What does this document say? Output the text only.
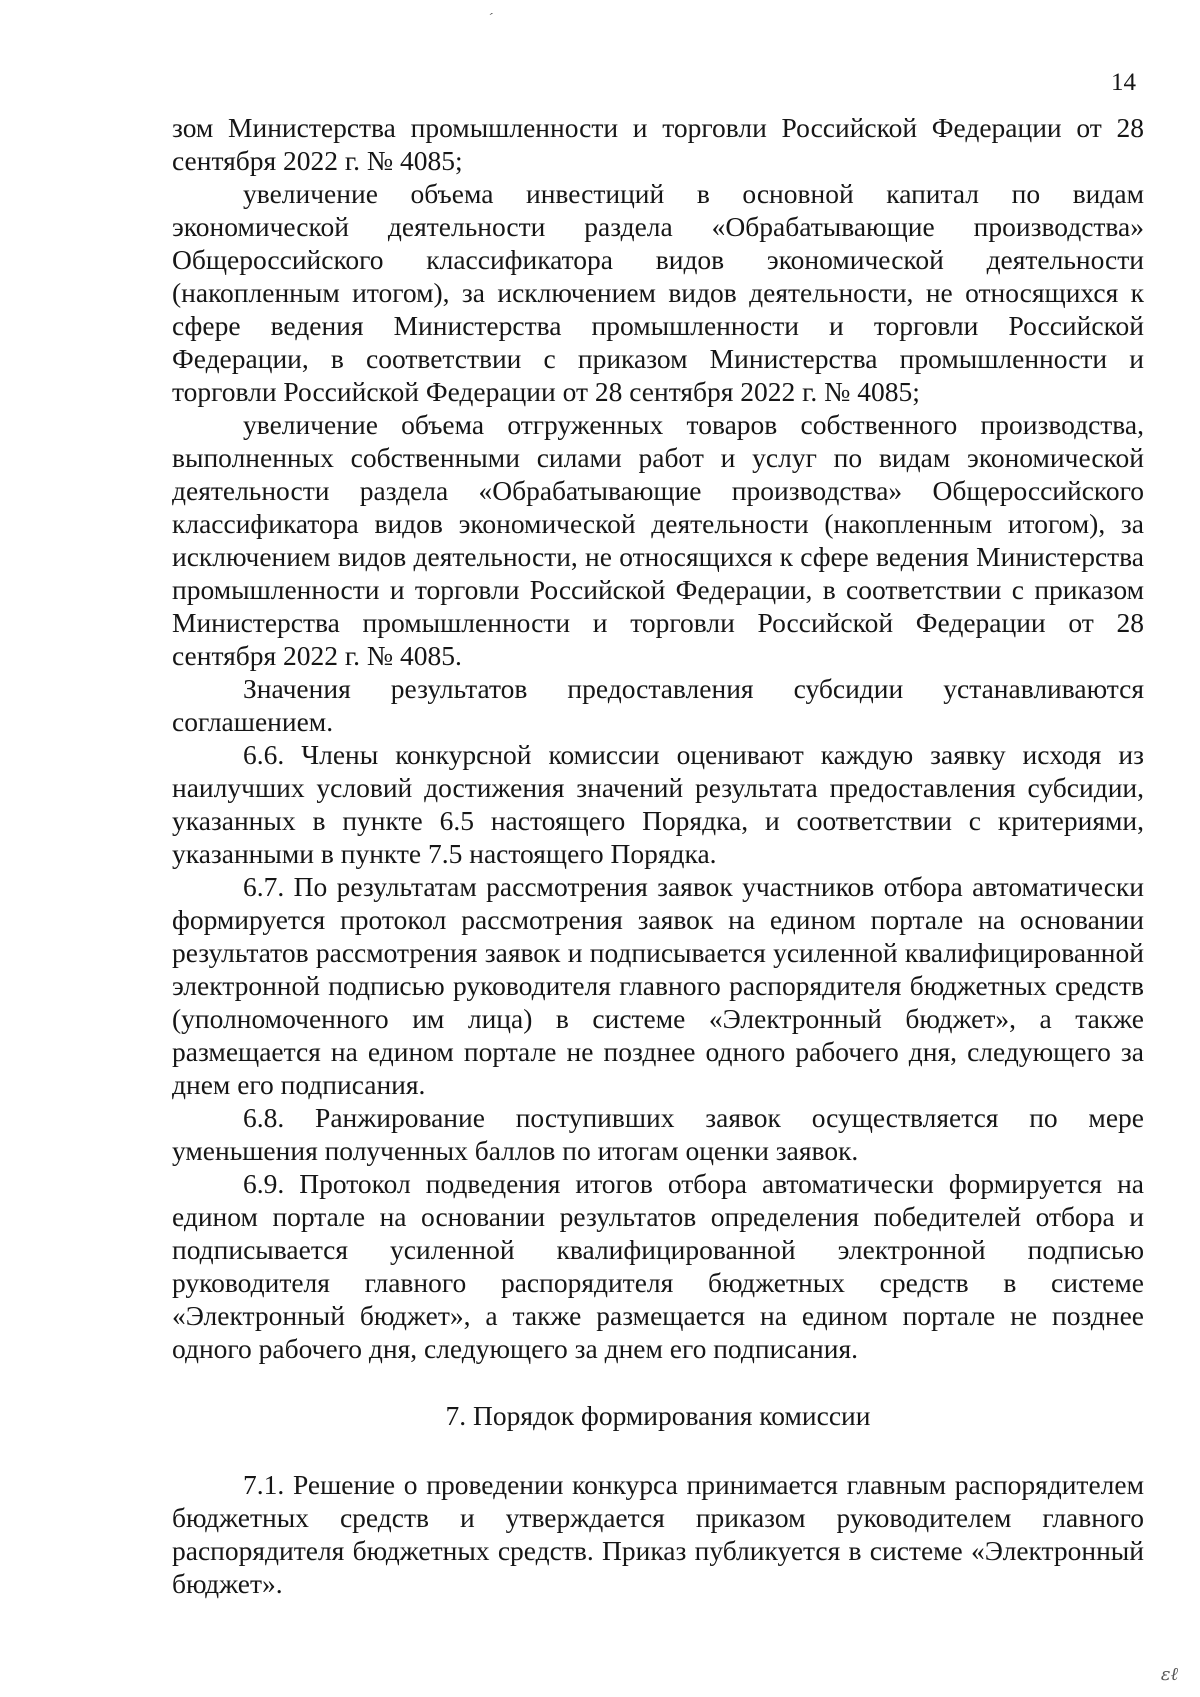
ˏ
14

зом Министерства промышленности и торговли Российской Федерации от 28 сентября 2022 г. № 4085;

увеличение объема инвестиций в основной капитал по видам экономической деятельности раздела «Обрабатывающие производства» Общероссийского классификатора видов экономической деятельности (накопленным итогом), за исключением видов деятельности, не относящихся к сфере ведения Министерства промышленности и торговли Российской Федерации, в соответствии с приказом Министерства промышленности и торговли Российской Федерации от 28 сентября 2022 г. № 4085;

увеличение объема отгруженных товаров собственного производства, выполненных собственными силами работ и услуг по видам экономической деятельности раздела «Обрабатывающие производства» Общероссийского классификатора видов экономической деятельности (накопленным итогом), за исключением видов деятельности, не относящихся к сфере ведения Министерства промышленности и торговли Российской Федерации, в соответствии с приказом Министерства промышленности и торговли Российской Федерации от 28 сентября 2022 г. № 4085.

Значения результатов предоставления субсидии устанавливаются соглашением.

6.6. Члены конкурсной комиссии оценивают каждую заявку исходя из наилучших условий достижения значений результата предоставления субсидии, указанных в пункте 6.5 настоящего Порядка, и соответствии с критериями, указанными в пункте 7.5 настоящего Порядка.

6.7. По результатам рассмотрения заявок участников отбора автоматически формируется протокол рассмотрения заявок на едином портале на основании результатов рассмотрения заявок и подписывается усиленной квалифицированной электронной подписью руководителя главного распорядителя бюджетных средств (уполномоченного им лица) в системе «Электронный бюджет», а также размещается на едином портале не позднее одного рабочего дня, следующего за днем его подписания.

6.8. Ранжирование поступивших заявок осуществляется по мере уменьшения полученных баллов по итогам оценки заявок.

6.9. Протокол подведения итогов отбора автоматически формируется на едином портале на основании результатов определения победителей отбора и подписывается усиленной квалифицированной электронной подписью руководителя главного распорядителя бюджетных средств в системе «Электронный бюджет», а также размещается на едином портале не позднее одного рабочего дня, следующего за днем его подписания.

7. Порядок формирования комиссии

7.1. Решение о проведении конкурса принимается главным распорядителем бюджетных средств и утверждается приказом руководителем главного распорядителя бюджетных средств. Приказ публикуется в системе «Электронный бюджет».

ɛℓ
